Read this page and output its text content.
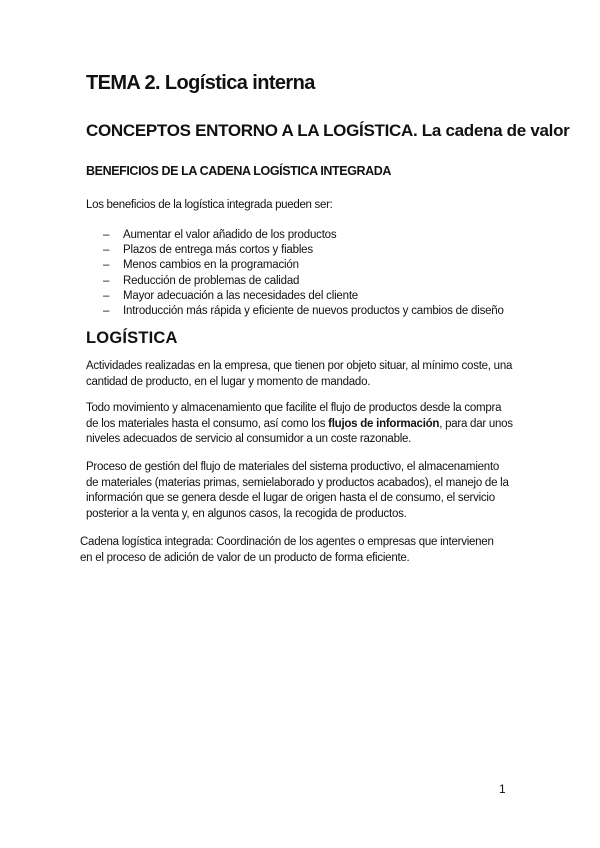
TEMA 2. Logística interna
CONCEPTOS ENTORNO A LA LOGÍSTICA. La cadena de valor
BENEFICIOS DE LA CADENA LOGÍSTICA INTEGRADA

Los beneficios de la logística integrada pueden ser:

–	Aumentar el valor añadido de los productos
–	Plazos de entrega más cortos y fiables
–	Menos cambios en la programación
–	Reducción de problemas de calidad
–	Mayor adecuación a las necesidades del cliente
–	Introducción más rápida y eficiente de nuevos productos y cambios de diseño
LOGÍSTICA
Actividades realizadas en la empresa, que tienen por objeto situar, al mínimo coste, una
cantidad de producto, en el lugar y momento de mandado.
Todo movimiento y almacenamiento que facilite el flujo de productos desde la compra
de los materiales hasta el consumo, así como los flujos de información, para dar unos
niveles adecuados de servicio al consumidor a un coste razonable.
Proceso de gestión del flujo de materiales del sistema productivo, el almacenamiento
de materiales (materias primas, semielaborado y productos acabados), el manejo de la
información que se genera desde el lugar de origen hasta el de consumo, el servicio
posterior a la venta y, en algunos casos, la recogida de productos.
Cadena logística integrada: Coordinación de los agentes o empresas que intervienen
en el proceso de adición de valor de un producto de forma eficiente.
1
